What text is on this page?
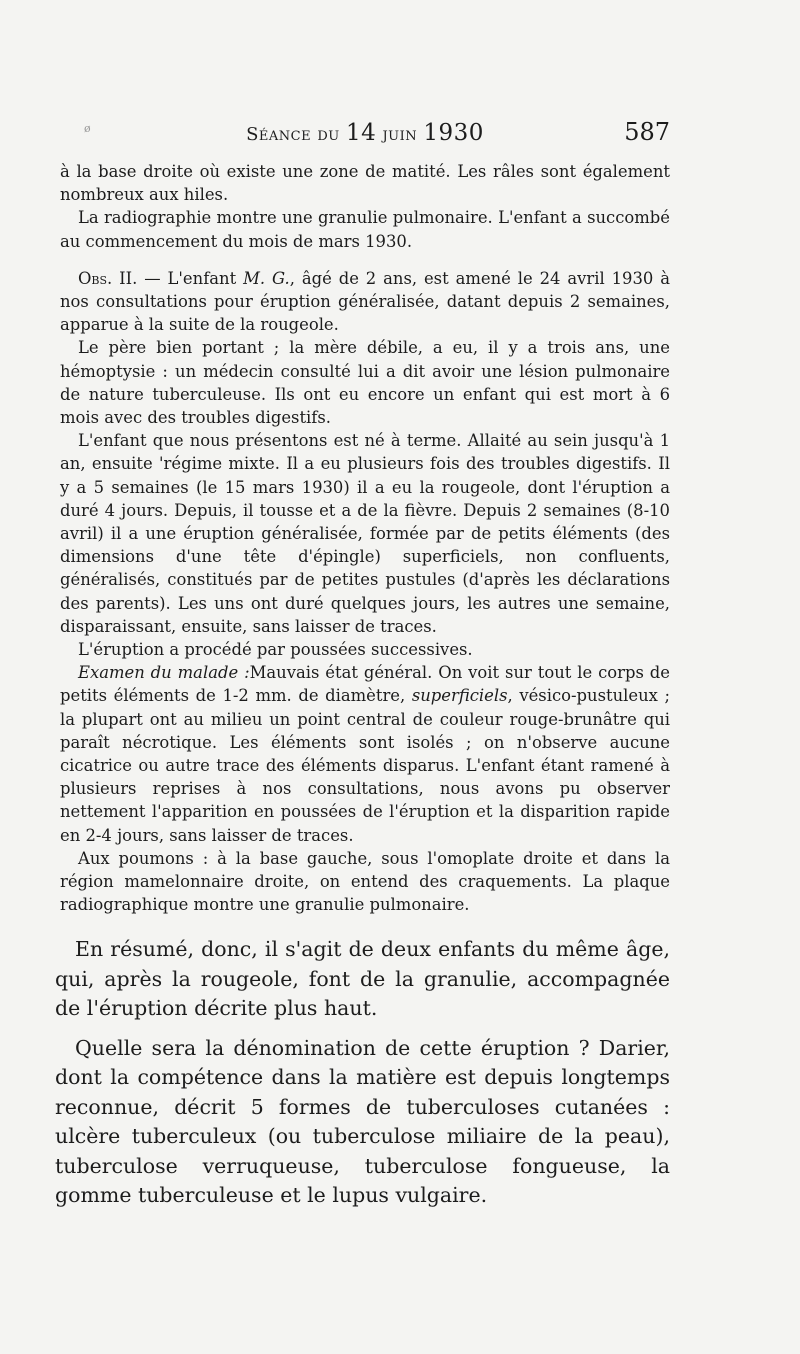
ø	Séance du 14 juin 1930	587

à la base droite où existe une zone de matité. Les râles sont également nombreux aux hiles.

La radiographie montre une granulie pulmonaire. L'enfant a succombé au commencement du mois de mars 1930.

Obs. II. — L'enfant M. G., âgé de 2 ans, est amené le 24 avril 1930 à nos consultations pour éruption généralisée, datant depuis 2 semaines, apparue à la suite de la rougeole.

Le père bien portant ; la mère débile, a eu, il y a trois ans, une hémoptysie : un médecin consulté lui a dit avoir une lésion pulmonaire de nature tuberculeuse. Ils ont eu encore un enfant qui est mort à 6 mois avec des troubles digestifs.

L'enfant que nous présentons est né à terme. Allaité au sein jusqu'à 1 an, ensuite 'régime mixte. Il a eu plusieurs fois des troubles digestifs. Il y a 5 semaines (le 15 mars 1930) il a eu la rougeole, dont l'éruption a duré 4 jours. Depuis, il tousse et a de la fièvre. Depuis 2 semaines (8-10 avril) il a une éruption généralisée, formée par de petits éléments (des dimensions d'une tête d'épingle) superficiels, non confluents, généralisés, constitués par de petites pustules (d'après les déclarations des parents). Les uns ont duré quelques jours, les autres une semaine, disparaissant, ensuite, sans laisser de traces.

L'éruption a procédé par poussées successives.

Examen du malade :Mauvais état général. On voit sur tout le corps de petits éléments de 1-2 mm. de diamètre, superficiels, vésico-pustuleux ; la plupart ont au milieu un point central de couleur rouge-brunâtre qui paraît nécrotique. Les éléments sont isolés ; on n'observe aucune cicatrice ou autre trace des éléments disparus. L'enfant étant ramené à plusieurs reprises à nos consultations, nous avons pu observer nettement l'apparition en poussées de l'éruption et la disparition rapide en 2-4 jours, sans laisser de traces.

Aux poumons : à la base gauche, sous l'omoplate droite et dans la région mamelonnaire droite, on entend des craquements. La plaque radiographique montre une granulie pulmonaire.

En résumé, donc, il s'agit de deux enfants du même âge, qui, après la rougeole, font de la granulie, accompagnée de l'éruption décrite plus haut.

Quelle sera la dénomination de cette éruption ? Darier, dont la compétence dans la matière est depuis longtemps reconnue, décrit 5 formes de tuberculoses cutanées : ulcère tuberculeux (ou tuberculose miliaire de la peau), tuberculose verruqueuse, tuberculose fongueuse, la gomme tuberculeuse et le lupus vulgaire.
